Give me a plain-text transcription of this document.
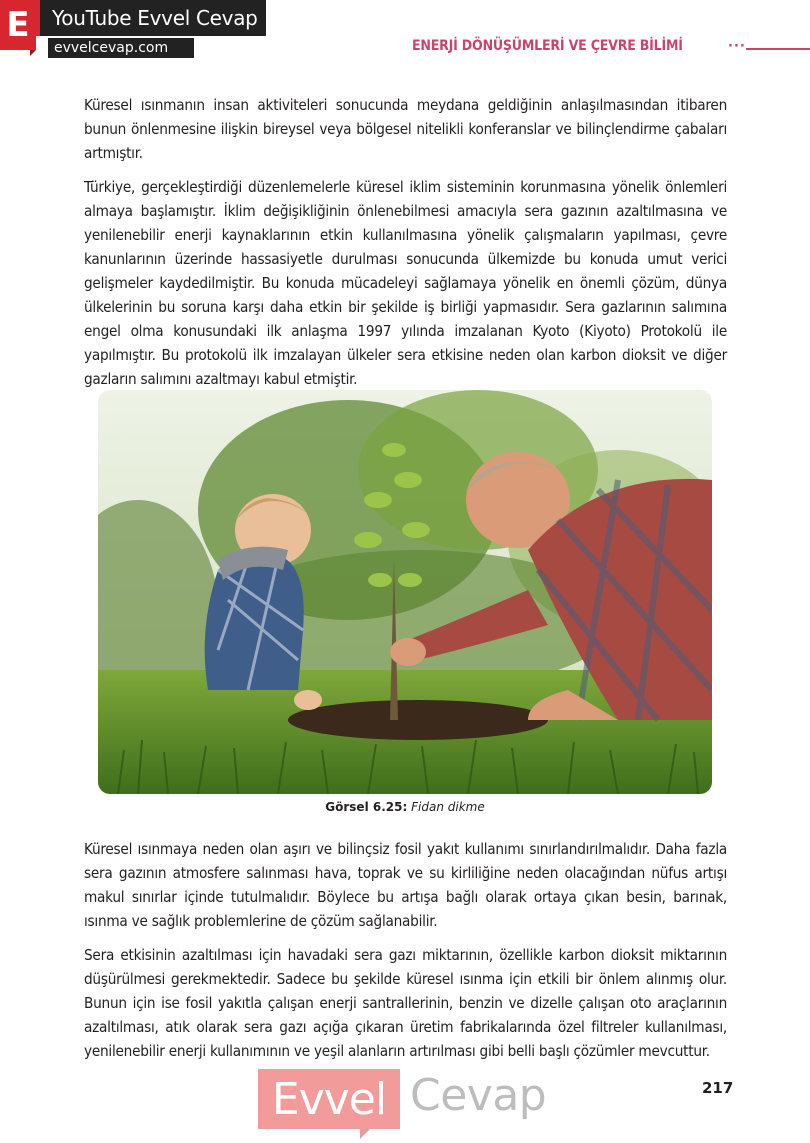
E	YouTube Evvel Cevap
evvelcevap.com	ENERJİ DÖNÜŞÜMLERİ VE ÇEVRE BİLİMİ	···

Küresel ısınmanın insan aktiviteleri sonucunda meydana geldiğinin anlaşılmasından itibaren bunun önlenmesine ilişkin bireysel veya bölgesel nitelikli konferanslar ve bilinçlendirme çabaları artmıştır.

Türkiye, gerçekleştirdiği düzenlemelerle küresel iklim sisteminin korunmasına yönelik önlemleri almaya başlamıştır. İklim değişikliğinin önlenebilmesi amacıyla sera gazının azaltılmasına ve yenilenebilir enerji kaynaklarının etkin kullanılmasına yönelik çalışmaların yapılması, çevre kanunlarının üzerinde hassasiyetle durulması sonucunda ülkemizde bu konuda umut verici gelişmeler kaydedilmiştir. Bu konuda mücadeleyi sağlamaya yönelik en önemli çözüm, dünya ülkelerinin bu soruna karşı daha etkin bir şekilde iş birliği yapmasıdır. Sera gazlarının salımına engel olma konusundaki ilk anlaşma 1997 yılında imzalanan Kyoto (Kiyoto) Protokolü ile yapılmıştır. Bu protokolü ilk imzalayan ülkeler sera etkisine neden olan karbon dioksit ve diğer gazların salımını azaltmayı kabul etmiştir.

Görsel 6.25: Fidan dikme

Küresel ısınmaya neden olan aşırı ve bilinçsiz fosil yakıt kullanımı sınırlandırılmalıdır. Daha fazla sera gazının atmosfere salınması hava, toprak ve su kirliliğine neden olacağından nüfus artışı makul sınırlar içinde tutulmalıdır. Böylece bu artışa bağlı olarak ortaya çıkan besin, barınak, ısınma ve sağlık problemlerine de çözüm sağlanabilir.

Sera etkisinin azaltılması için havadaki sera gazı miktarının, özellikle karbon dioksit miktarının düşürülmesi gerekmektedir. Sadece bu şekilde küresel ısınma için etkili bir önlem alınmış olur. Bunun için ise fosil yakıtla çalışan enerji santrallerinin, benzin ve dizelle çalışan oto araçlarının azaltılması, atık olarak sera gazı açığa çıkaran üretim fabrikalarında özel filtreler kullanılması, yenilenebilir enerji kullanımının ve yeşil alanların artırılması gibi belli başlı çözümler mevcuttur.

217
Evvel Cevap
